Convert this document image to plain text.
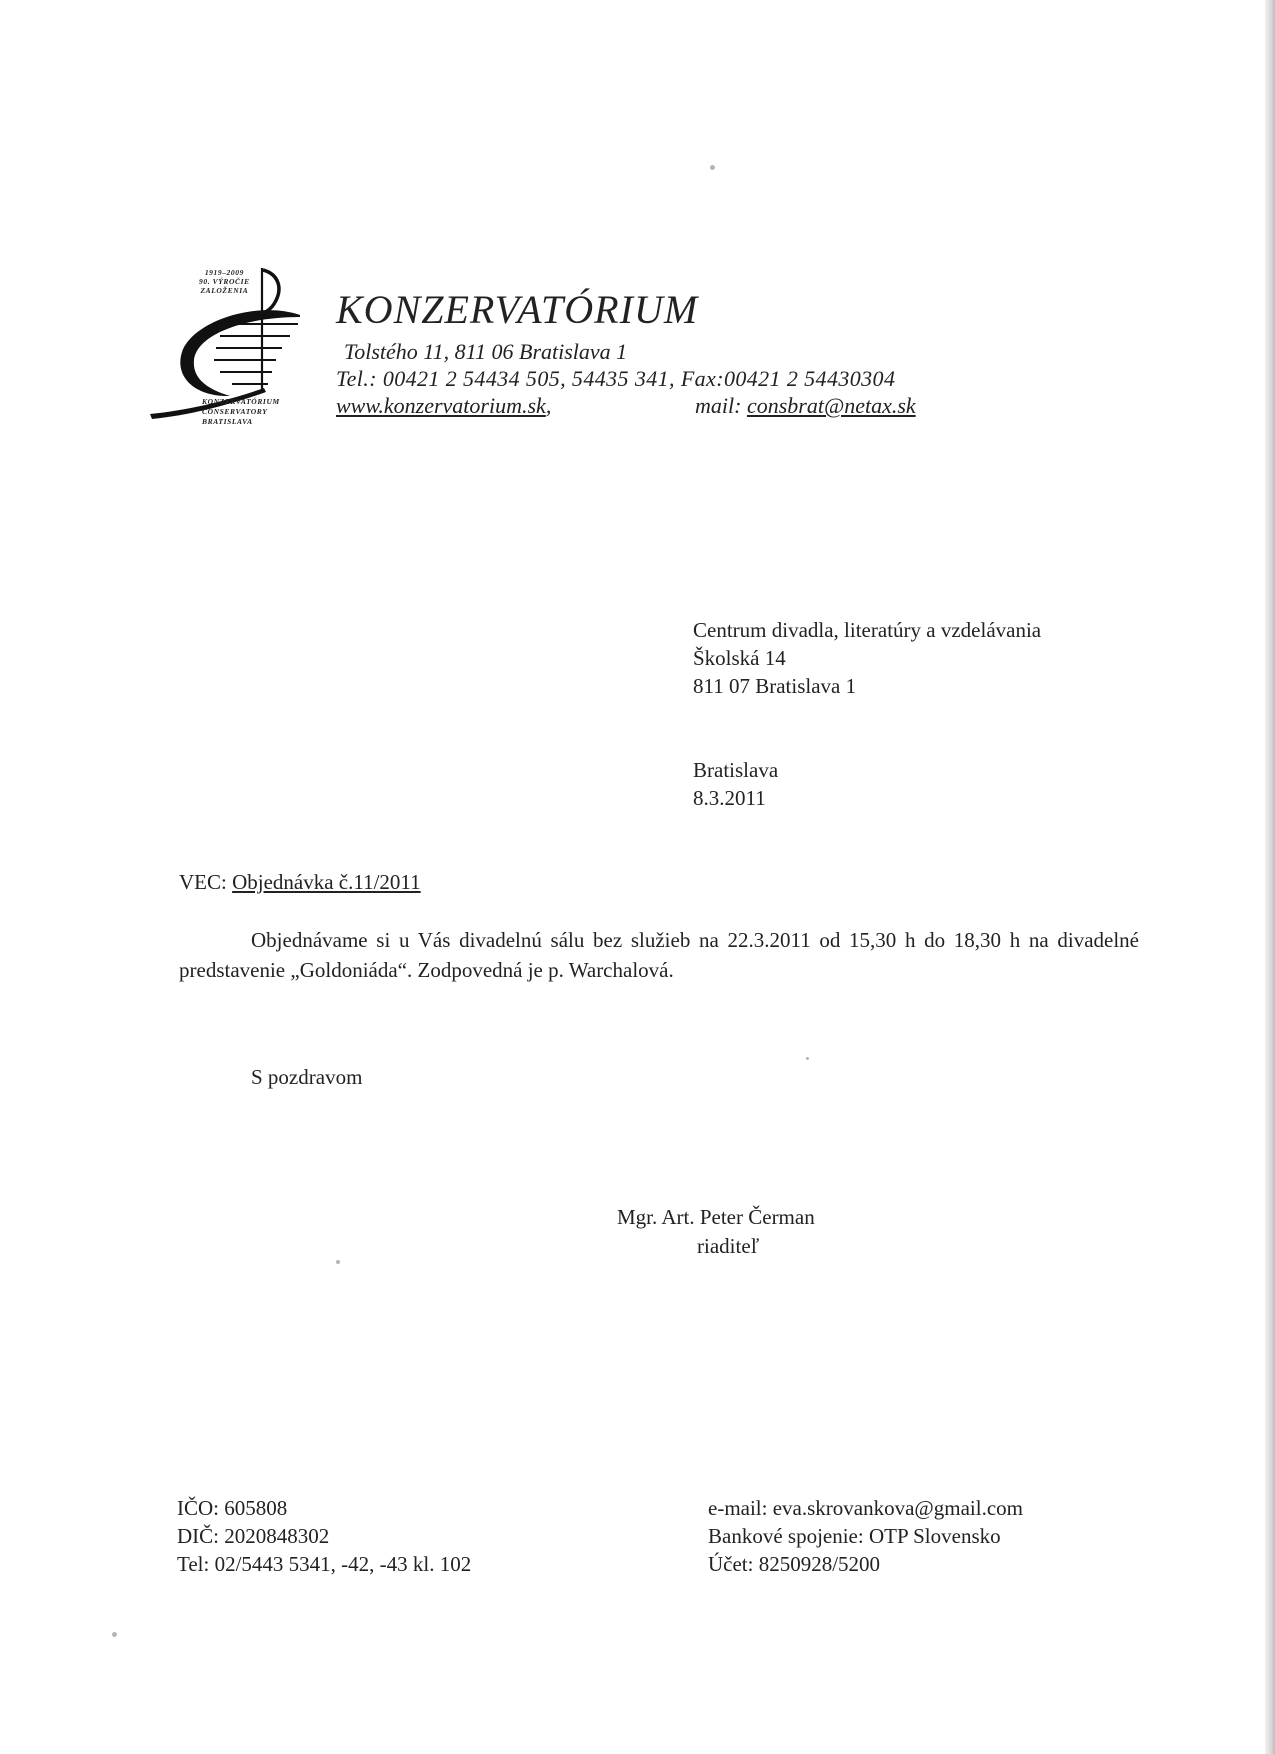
1919–2009
90. VÝROČIE
ZALOŽENIA
KONZERVATÓRIUM
CONSERVATORY
BRATISLAVA
KONZERVATÓRIUM
Tolstého 11, 811 06 Bratislava 1
Tel.: 00421 2 54434 505, 54435 341, Fax:00421 2 54430304
www.konzervatorium.sk,	mail: consbrat@netax.sk
Centrum divadla, literatúry a vzdelávania
Školská 14
811 07 Bratislava 1
Bratislava
8.3.2011
VEC: Objednávka č.11/2011
Objednávame si u Vás divadelnú sálu bez služieb na 22.3.2011 od 15,30 h do 18,30 h na divadelné predstavenie „Goldoniáda“. Zodpovedná je p. Warchalová.
S pozdravom
Mgr. Art. Peter Čerman
riaditeľ
IČO: 605808
DIČ: 2020848302
Tel: 02/5443 5341, -42, -43 kl. 102
e-mail: eva.skrovankova@gmail.com
Bankové spojenie: OTP Slovensko
Účet: 8250928/5200
